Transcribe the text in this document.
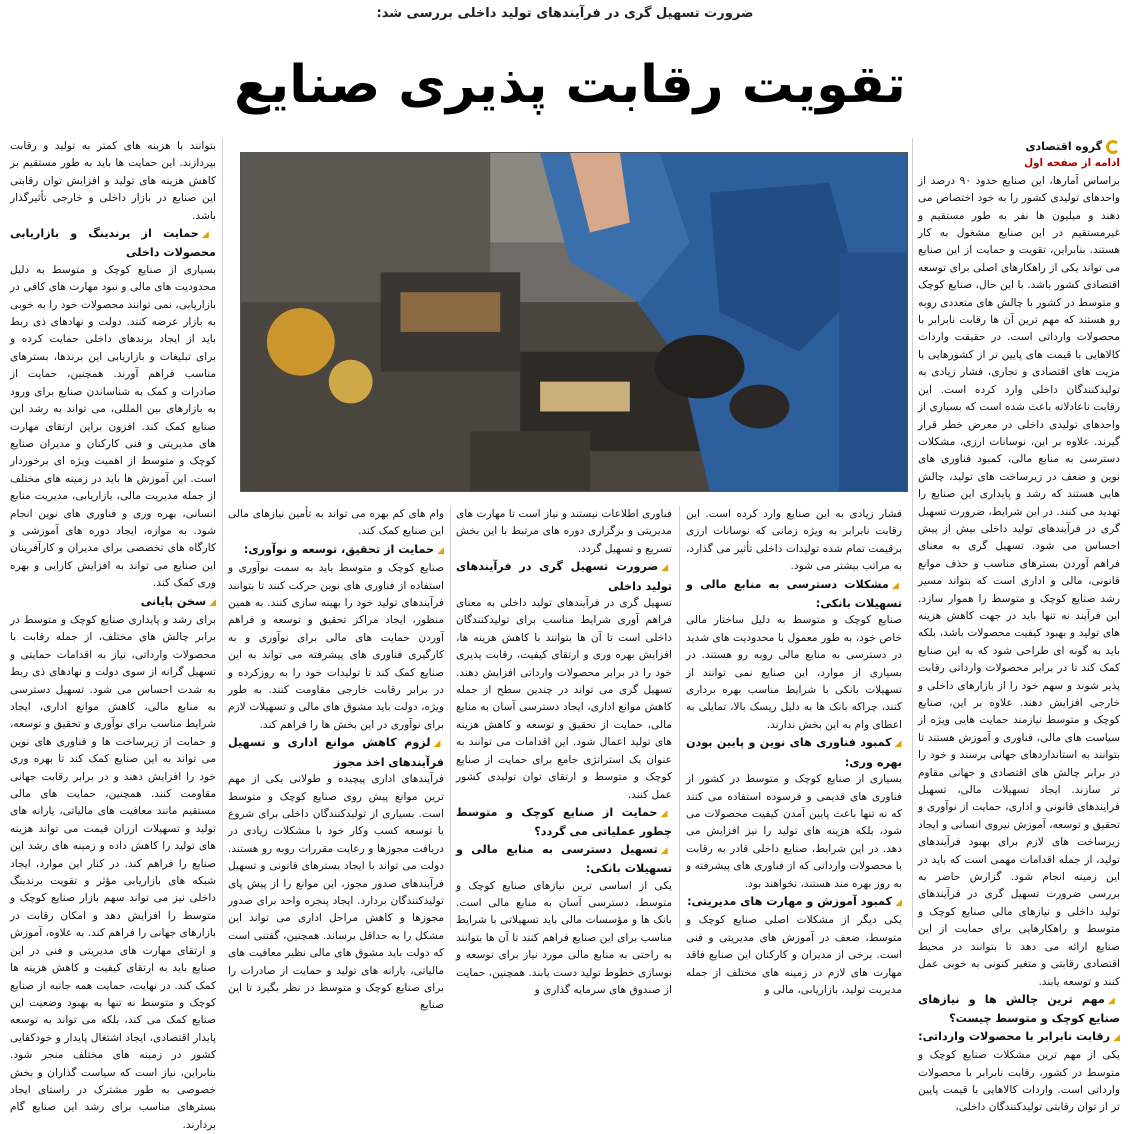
ضرورت تسهیل گری در فرآیندهای تولید داخلی بررسی شد:
تقویت رقابت پذیری صنایع
گروه اقتصادی
ادامه از صفحه اول

براساس آمارها، این صنایع حدود ۹۰ درصد از واحدهای تولیدی کشور را به خود اختصاص می دهند و میلیون ها نفر به طور مستقیم و غیرمستقیم در این صنایع مشغول به کار هستند. بنابراین، تقویت و حمایت از این صنایع می تواند یکی از راهکارهای اصلی برای توسعه اقتصادی کشور باشد. با این حال، صنایع کوچک و متوسط در کشور با چالش های متعددی روبه رو هستند که مهم ترین آن ها رقابت نابرابر با محصولات وارداتی است. در حقیقت واردات کالاهایی با قیمت های پایین تر از کشورهایی با مزیت های اقتصادی و تجاری، فشار زیادی به تولیدکنندگان داخلی وارد کرده است. این رقابت ناعادلانه باعث شده است که بسیاری از واحدهای تولیدی داخلی در معرض خطر قرار گیرند. علاوه بر این، نوسانات ارزی، مشکلات دسترسی به منابع مالی، کمبود فناوری های نوین و ضعف در زیرساخت های تولید، چالش هایی هستند که رشد و پایداری این صنایع را تهدید می کنند. در این شرایط، ضرورت تسهیل گری در فرآیندهای تولید داخلی بیش از پیش احساس می شود. تسهیل گری به معنای فراهم آوردن بسترهای مناسب و حذف موانع قانونی، مالی و اداری است که بتواند مسیر رشد صنایع کوچک و متوسط را هموار سازد. این فرآیند نه تنها باید در جهت کاهش هزینه های تولید و بهبود کیفیت محصولات باشد، بلکه باید به گونه ای طراحی شود که به این صنایع کمک کند تا در برابر محصولات وارداتی رقابت پذیر شوند و سهم خود را از بازارهای داخلی و خارجی افزایش دهند. علاوه بر این، صنایع کوچک و متوسط نیازمند حمایت هایی ویژه از سیاست های مالی، فناوری و آموزش هستند تا بتوانند به استانداردهای جهانی برسند و خود را در برابر چالش های اقتصادی و جهانی مقاوم تر سازند. ایجاد تسهیلات مالی، تسهیل فرایندهای قانونی و اداری، حمایت از نوآوری و تحقیق و توسعه، آموزش نیروی انسانی و ایجاد زیرساخت های لازم برای بهبود فرآیندهای تولید، از جمله اقدامات مهمی است که باید در این زمینه انجام شود. گزارش حاضر به بررسی ضرورت تسهیل گری در فرآیندهای تولید داخلی و نیازهای مالی صنایع کوچک و متوسط و راهکارهایی برای حمایت از این صنایع ارائه می دهد تا بتوانند در محیط اقتصادی رقابتی و متغیر کنونی به خوبی عمل کنند و توسعه یابند.

◢ مهم ترین چالش ها و نیازهای صنایع کوچک و متوسط چیست؟

◢ رقابت نابرابر با محصولات وارداتی:

یکی از مهم ترین مشکلات صنایع کوچک و متوسط در کشور، رقابت نابرابر با محصولات وارداتی است. واردات کالاهایی با قیمت پایین تر از توان رقابتی تولیدکنندگان داخلی،

فشار زیادی به این صنایع وارد کرده است. این رقابت نابرابر به ویژه زمانی که نوسانات ارزی برقیمت تمام شده تولیدات داخلی تأثیر می گذارد، به مراتب بیشتر می شود.

◢ مشکلات دسترسی به منابع مالی و تسهیلات بانکی:

صنایع کوچک و متوسط به دلیل ساختار مالی خاص خود، به طور معمول با محدودیت های شدید در دسترسی به منابع مالی روبه رو هستند. در بسیاری از موارد، این صنایع نمی توانند از تسهیلات بانکی با شرایط مناسب بهره برداری کنند، چراکه بانک ها به دلیل ریسک بالا، تمایلی به اعطای وام به این بخش ندارند.

◢ کمبود فناوری های نوین و پایین بودن بهره وری:

بسیاری از صنایع کوچک و متوسط در کشور از فناوری های قدیمی و فرسوده استفاده می کنند که نه تنها باعث پایین آمدن کیفیت محصولات می شود، بلکه هزینه های تولید را نیز افزایش می دهد. در این شرایط، صنایع داخلی قادر به رقابت با محصولات وارداتی که از فناوری های پیشرفته و به روز بهره مند هستند، نخواهند بود.

◢ کمبود آموزش و مهارت های مدیریتی:

یکی دیگر از مشکلات اصلی صنایع کوچک و متوسط، ضعف در آموزش های مدیریتی و فنی است. برخی از مدیران و کارکنان این صنایع فاقد مهارت های لازم در زمینه های مختلف از جمله مدیریت تولید، بازاریابی، مالی و

فناوری اطلاعات نیستند و نیاز است تا مهارت های مدیریتی و برگزاری دوره های مرتبط با این بخش تسریع و تسهیل گردد.

◢ ضرورت تسهیل گری در فرآیندهای تولید داخلی

تسهیل گری در فرآیندهای تولید داخلی به معنای فراهم آوری شرایط مناسب برای تولیدکنندگان داخلی است تا آن ها بتوانند با کاهش هزینه ها، افزایش بهره وری و ارتقای کیفیت، رقابت پذیری خود را در برابر محصولات وارداتی افزایش دهند. تسهیل گری می تواند در چندین سطح از جمله کاهش موانع اداری، ایجاد دسترسی آسان به منابع مالی، حمایت از تحقیق و توسعه و کاهش هزینه های تولید اعمال شود. این اقدامات می توانند به عنوان یک استراتژی جامع برای حمایت از صنایع کوچک و متوسط و ارتقای توان تولیدی کشور عمل کنند.

◢ حمایت از صنایع کوچک و متوسط چطور عملیاتی می گردد؟

◢ تسهیل دسترسی به منابع مالی و تسهیلات بانکی:

یکی از اساسی ترین نیازهای صنایع کوچک و متوسط، دسترسی آسان به منابع مالی است. بانک ها و مؤسسات مالی باید تسهیلاتی با شرایط مناسب برای این صنایع فراهم کنند تا آن ها بتوانند به راحتی به منابع مالی مورد نیاز برای توسعه و نوسازی خطوط تولید دست یابند. همچنین، حمایت از صندوق های سرمایه گذاری و

وام های کم بهره می تواند به تأمین نیازهای مالی این صنایع کمک کند.

◢ حمایت از تحقیق، توسعه و نوآوری:

صنایع کوچک و متوسط باید به سمت نوآوری و استفاده از فناوری های نوین حرکت کنند تا بتوانند فرآیندهای تولید خود را بهینه سازی کنند. به همین منظور، ایجاد مراکز تحقیق و توسعه و فراهم آوردن حمایت های مالی برای نوآوری و به کارگیری فناوری های پیشرفته می تواند به این صنایع کمک کند تا تولیدات خود را به روزکرده و در برابر رقابت خارجی مقاومت کنند. به طور ویژه، دولت باید مشوق های مالی و تسهیلات لازم برای نوآوری در این بخش ها را فراهم کند.

◢ لزوم کاهش موانع اداری و تسهیل فرآیندهای اخذ مجوز

فرآیندهای اداری پیچیده و طولانی یکی از مهم ترین موانع پیش روی صنایع کوچک و متوسط است. بسیاری از تولیدکنندگان داخلی برای شروع یا توسعه کسب وکار خود با مشکلات زیادی در دریافت مجوزها و رعایت مقررات روبه رو هستند. دولت می تواند با ایجاد بسترهای قانونی و تسهیل فرآیندهای صدور مجوز، این موانع را از پیش پای تولیدکنندگان بردارد. ایجاد پنجره واحد برای صدور مجوزها و کاهش مراحل اداری می تواند این مشکل را به حداقل برساند. همچنین، گفتنی است که دولت باید مشوق های مالی نظیر معافیت های مالیاتی، یارانه های تولید و حمایت از صادرات را برای صنایع کوچک و متوسط در نظر بگیرد تا این صنایع

بتوانند با هزینه های کمتر به تولید و رقابت بپردازند. این حمایت ها باید به طور مستقیم بر کاهش هزینه های تولید و افزایش توان رقابتی این صنایع در بازار داخلی و خارجی تأثیرگذار باشد.

◢ حمایت از برندینگ و بازاریابی محصولات داخلی

بسیاری از صنایع کوچک و متوسط به دلیل محدودیت های مالی و نبود مهارت های کافی در بازاریابی، نمی توانند محصولات خود را به خوبی به بازار عرضه کنند. دولت و نهادهای ذی ربط باید از ایجاد برندهای داخلی حمایت کرده و برای تبلیغات و بازاریابی این برندها، بسترهای مناسب فراهم آورند. همچنین، حمایت از صادرات و کمک به شناساندن صنایع برای ورود به بازارهای بین المللی، می تواند به رشد این صنایع کمک کند. افزون براین ارتقای مهارت های مدیریتی و فنی کارکنان و مدیران صنایع کوچک و متوسط از اهمیت ویژه ای برخوردار است. این آموزش ها باید در زمینه های مختلف از جمله مدیریت مالی، بازاریابی، مدیریت منابع انسانی، بهره وری و فناوری های نوین انجام شود. به موازه، ایجاد دوره های آموزشی و کارگاه های تخصصی برای مدیران و کارآفرینان این صنایع می تواند به افزایش کارایی و بهره وری کمک کند.

◢ سخن پایانی

برای رشد و پایداری صنایع کوچک و متوسط در برابر چالش های مختلف، از جمله رقابت با محصولات وارداتی، نیاز به اقدامات حمایتی و تسهیل گرانه از سوی دولت و نهادهای ذی ربط به شدت احساس می شود. تسهیل دسترسی به منابع مالی، کاهش موانع اداری، ایجاد شرایط مناسب برای نوآوری و تحقیق و توسعه، و حمایت از زیرساخت ها و فناوری های نوین می تواند به این صنایع کمک کند تا بهره وری خود را افزایش دهند و در برابر رقابت جهانی مقاومت کنند. همچنین، حمایت های مالی مستقیم مانند معافیت های مالیاتی، یارانه های تولید و تسهیلات ارزان قیمت می تواند هزینه های تولید را کاهش داده و زمینه های رشد این صنایع را فراهم کند. در کنار این موارد، ایجاد شبکه های بازاریابی مؤثر و تقویت برندینگ داخلی نیز می تواند سهم بازار صنایع کوچک و متوسط را افزایش دهد و امکان رقابت در بازارهای جهانی را فراهم کند. به علاوه، آموزش و ارتقای مهارت های مدیریتی و فنی در این صنایع باید به ارتقای کیفیت و کاهش هزینه ها کمک کند. در نهایت، حمایت همه جانبه از صنایع کوچک و متوسط نه تنها به بهبود وضعیت این صنایع کمک می کند، بلکه می تواند به توسعه پایدار اقتصادی، ایجاد اشتغال پایدار و خودکفایی کشور در زمینه های مختلف منجر شود. بنابراین، نیاز است که سیاست گذاران و بخش خصوصی به طور مشترک در راستای ایجاد بسترهای مناسب برای رشد این صنایع گام بردارند.
